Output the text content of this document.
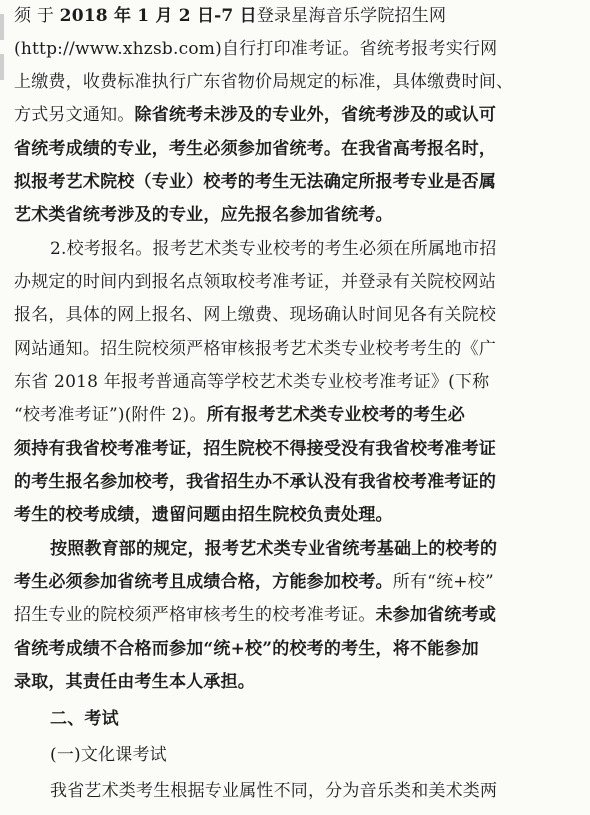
须 于 2018 年 1 月 2 日-7 日登录星海音乐学院招生网
(http://www.xhzsb.com)自行打印准考证。省统考报考实行网
上缴费，收费标准执行广东省物价局规定的标准，具体缴费时间、
方式另文通知。除省统考未涉及的专业外，省统考涉及的或认可
省统考成绩的专业，考生必须参加省统考。在我省高考报名时，
拟报考艺术院校（专业）校考的考生无法确定所报考专业是否属
艺术类省统考涉及的专业，应先报名参加省统考。
2.校考报名。报考艺术类专业校考的考生必须在所属地市招
办规定的时间内到报名点领取校考准考证，并登录有关院校网站
报名，具体的网上报名、网上缴费、现场确认时间见各有关院校
网站通知。招生院校须严格审核报考艺术类专业校考考生的《广
东省 2018 年报考普通高等学校艺术类专业校考准考证》(下称
“校考准考证”)(附件 2)。所有报考艺术类专业校考的考生必
须持有我省校考准考证，招生院校不得接受没有我省校考准考证
的考生报名参加校考，我省招生办不承认没有我省校考准考证的
考生的校考成绩，遗留问题由招生院校负责处理。
按照教育部的规定，报考艺术类专业省统考基础上的校考的
考生必须参加省统考且成绩合格，方能参加校考。所有“统+校”
招生专业的院校须严格审核考生的校考准考证。未参加省统考或
省统考成绩不合格而参加“统+校”的校考的考生，将不能参加
录取，其责任由考生本人承担。
二、考试
(一)文化课考试
我省艺术类考生根据专业属性不同，分为音乐类和美术类两
